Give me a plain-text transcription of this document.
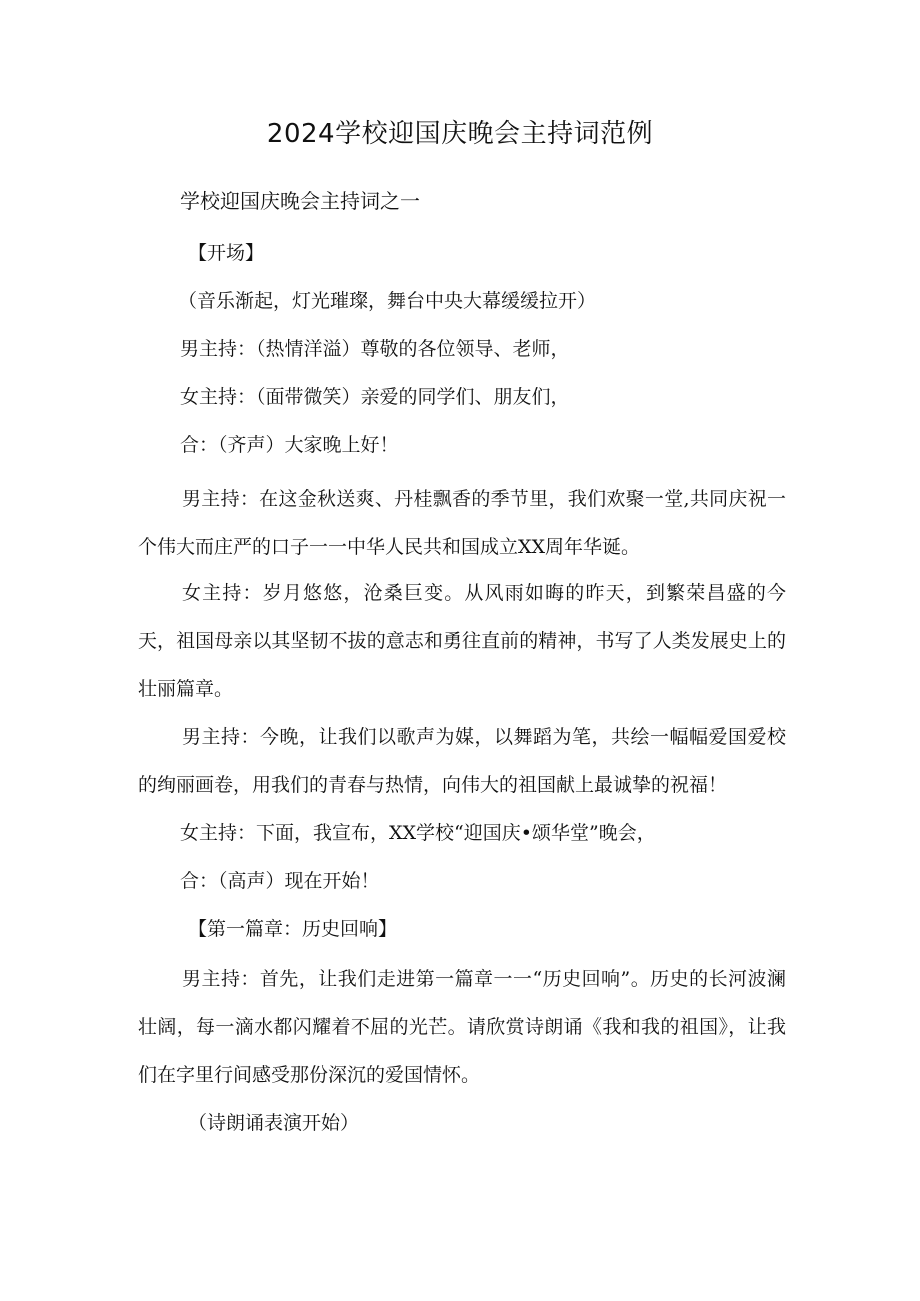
2024学校迎国庆晚会主持词范例
学校迎国庆晚会主持词之一
【开场】
（音乐渐起，灯光璀璨，舞台中央大幕缓缓拉开）
男主持：（热情洋溢）尊敬的各位领导、老师，
女主持：（面带微笑）亲爱的同学们、朋友们，
合：（齐声）大家晚上好！
男主持：在这金秋送爽、丹桂飘香的季节里，我们欢聚一堂,共同庆祝一个伟大而庄严的口子一一中华人民共和国成立XX周年华诞。
女主持：岁月悠悠，沧桑巨变。从风雨如晦的昨天，到繁荣昌盛的今天，祖国母亲以其坚韧不拔的意志和勇往直前的精神，书写了人类发展史上的壮丽篇章。
男主持：今晚，让我们以歌声为媒，以舞蹈为笔，共绘一幅幅爱国爱校的绚丽画卷，用我们的青春与热情，向伟大的祖国献上最诚挚的祝福！
女主持：下面，我宣布，XX学校“迎国庆•颂华堂”晚会，
合：（高声）现在开始！
【第一篇章：历史回响】
男主持：首先，让我们走进第一篇章一一“历史回响”。历史的长河波澜壮阔，每一滴水都闪耀着不屈的光芒。请欣赏诗朗诵《我和我的祖国》，让我们在字里行间感受那份深沉的爱国情怀。
（诗朗诵表演开始）
